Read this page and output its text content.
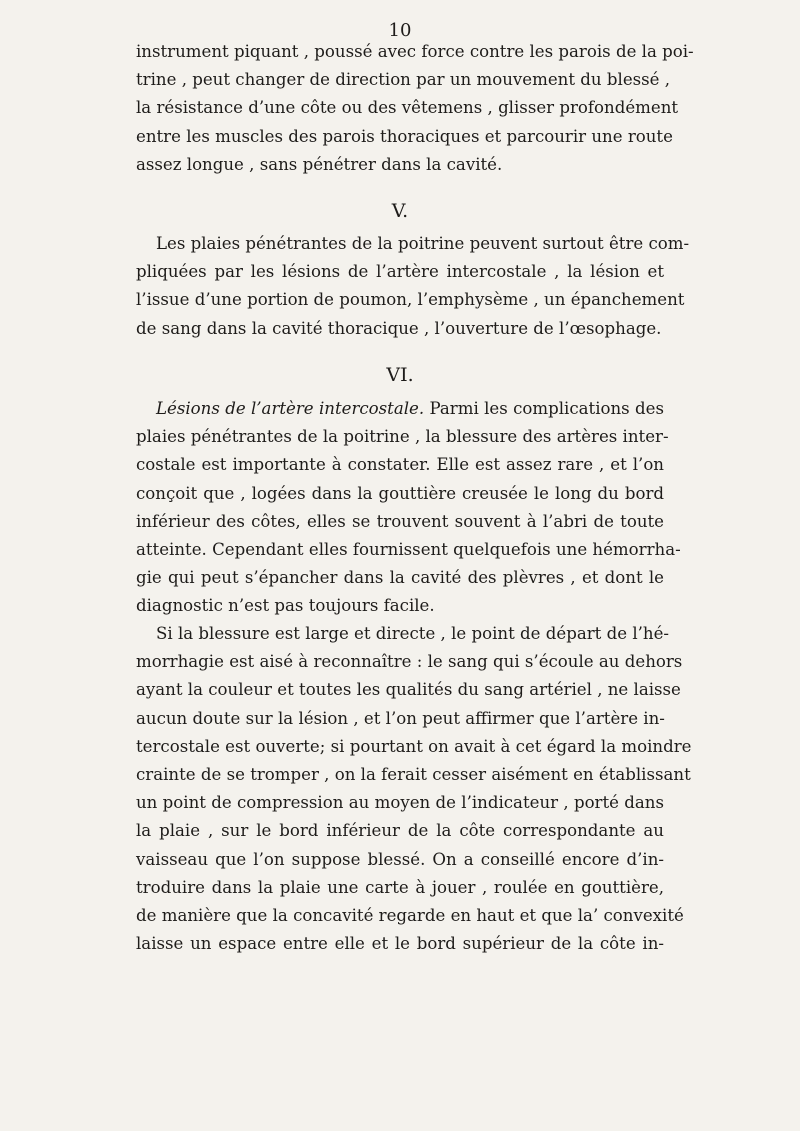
10
instrument piquant , poussé avec force contre les parois de la poi-
trine , peut changer de direction par un mouvement du blessé ,
la résistance d’une côte ou des vêtemens , glisser profondément
entre les muscles des parois thoraciques et parcourir une route
assez longue , sans pénétrer dans la cavité.
V.
Les plaies pénétrantes de la poitrine peuvent surtout être com-
pliquées par les lésions de l’artère intercostale , la lésion et
l’issue d’une portion de poumon, l’emphysème , un épanchement
de sang dans la cavité thoracique , l’ouverture de l’œsophage.
VI.
Lésions de l’artère intercostale. Parmi les complications des
plaies pénétrantes de la poitrine , la blessure des artères inter-
costale est importante à constater. Elle est assez rare , et l’on
conçoit que , logées dans la gouttière creusée le long du bord
inférieur des côtes, elles se trouvent souvent à l’abri de toute
atteinte. Cependant elles fournissent quelquefois une hémorrha-
gie qui peut s’épancher dans la cavité des plèvres , et dont le
diagnostic n’est pas toujours facile.
Si la blessure est large et directe , le point de départ de l’hé-
morrhagie est aisé à reconnaître : le sang qui s’écoule au dehors
ayant la couleur et toutes les qualités du sang artériel , ne laisse
aucun doute sur la lésion , et l’on peut affirmer que l’artère in-
tercostale est ouverte; si pourtant on avait à cet égard la moindre
crainte de se tromper , on la ferait cesser aisément en établissant
un point de compression au moyen de l’indicateur , porté dans
la plaie , sur le bord inférieur de la côte correspondante au
vaisseau que l’on suppose blessé. On a conseillé encore d’in-
troduire dans la plaie une carte à jouer , roulée en gouttière,
de manière que la concavité regarde en haut et que la’ convexité
laisse un espace entre elle et le bord supérieur de la côte in-
